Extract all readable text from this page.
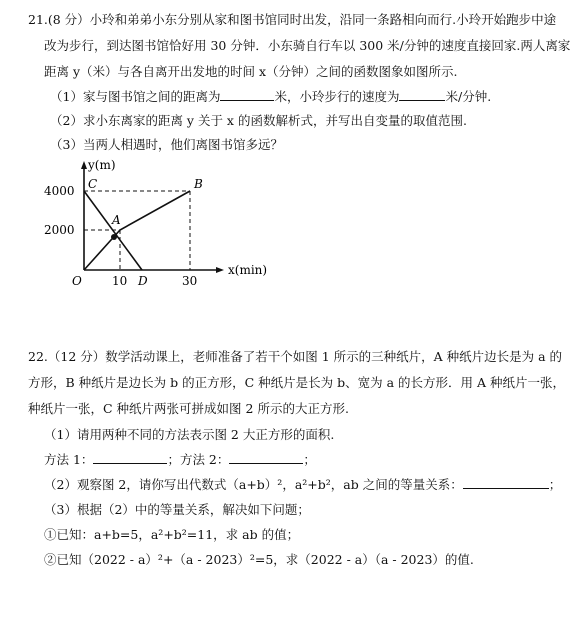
21.(8 分）小玲和弟弟小东分别从家和图书馆同时出发，沿同一条路相向而行.小玲开始跑步中途
改为步行，到达图书馆恰好用 30 分钟．小东骑自行车以 300 米/分钟的速度直接回家.两人离家
距离 y（米）与各自离开出发地的时间 x（分钟）之间的函数图象如图所示.
（1）家与图书馆之间的距离为	米，小玲步行的速度为	米/分钟.
（2）求小东离家的距离 y 关于 x 的函数解析式，并写出自变量的取值范围.
（3）当两人相遇时，他们离图书馆多远？
y(m)
x(min)
4000
2000
10	30
O
C	B
A
D
22.（12 分）数学活动课上，老师准备了若干个如图 1 所示的三种纸片，A 种纸片边长是为 a 的
方形，B 种纸片是边长为 b 的正方形，C 种纸片是长为 b、宽为 a 的长方形．用 A 种纸片一张，
种纸片一张，C 种纸片两张可拼成如图 2 所示的大正方形.
（1）请用两种不同的方法表示图 2 大正方形的面积.
方法 1：	；方法 2：	；
（2）观察图 2，请你写出代数式（a+b）²，a²+b²，ab 之间的等量关系：	；
（3）根据（2）中的等量关系，解决如下问题；
①已知：a+b=5，a²+b²=11，求 ab 的值；
②已知（2022 - a）²+（a - 2023）²=5，求（2022 - a）（a - 2023）的值.
